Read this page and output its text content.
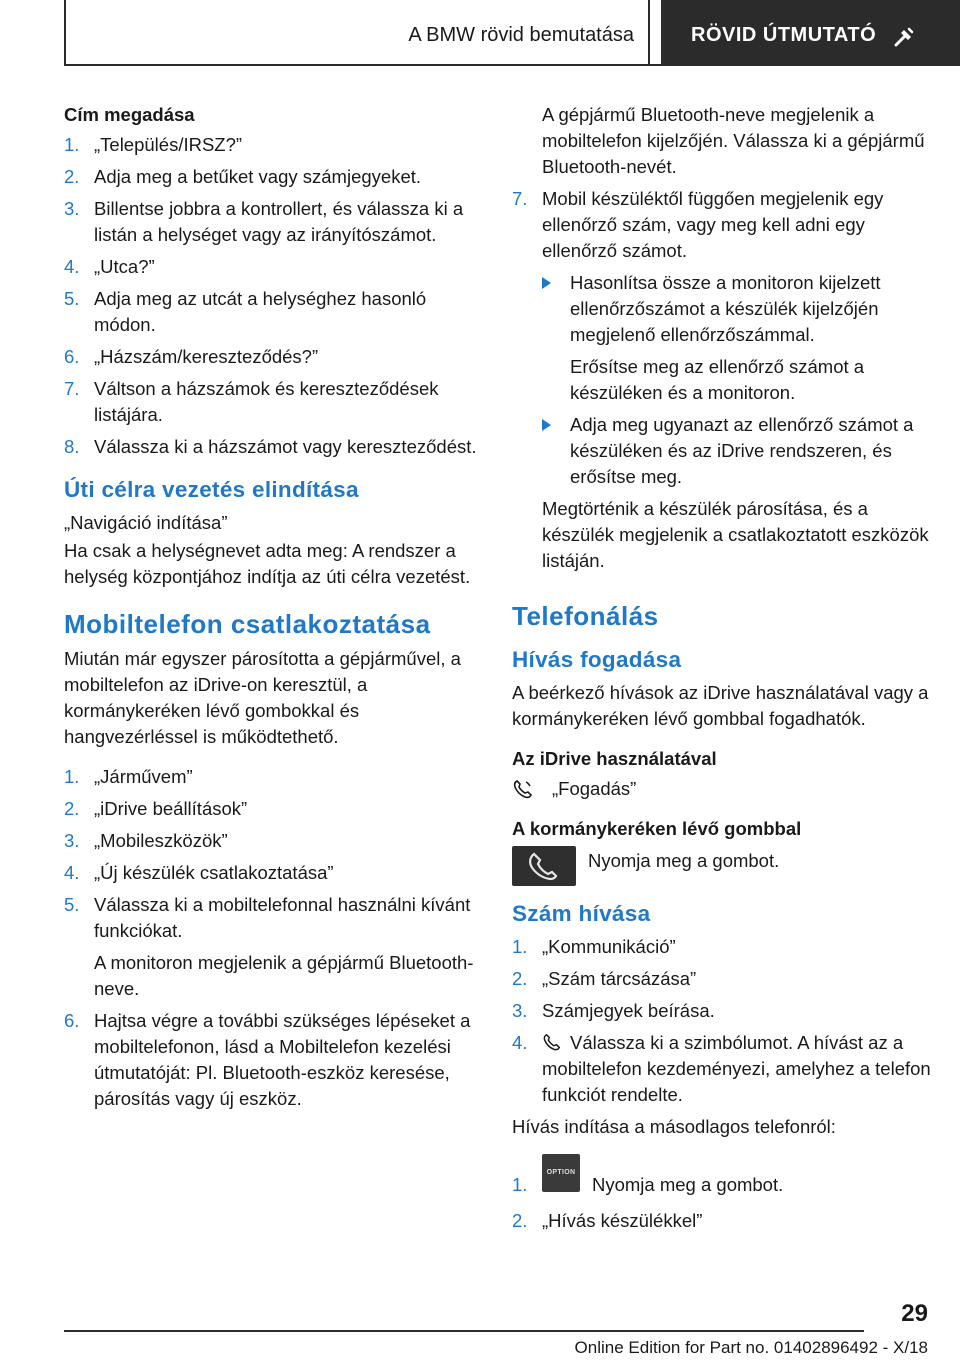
A BMW rövid bemutatása	RÖVID ÚTMUTATÓ
Cím megadása
1. „Település/IRSZ?”
2. Adja meg a betűket vagy számjegyeket.
3. Billentse jobbra a kontrollert, és válassza ki a listán a helységet vagy az irányítószámot.
4. „Utca?”
5. Adja meg az utcát a helységhez hasonló módon.
6. „Házszám/kereszteződés?”
7. Váltson a házszámok és kereszteződések listájára.
8. Válassza ki a házszámot vagy kereszteződést.
Úti célra vezetés elindítása
„Navigáció indítása”
Ha csak a helységnevet adta meg: A rendszer a helység központjához indítja az úti célra vezetést.
Mobiltelefon csatlakoztatása
Miután már egyszer párosította a gépjárművel, a mobiltelefon az iDrive-on keresztül, a kormánykeréken lévő gombokkal és hangvezérléssel is működtethető.
1. „Járművem”
2. „iDrive beállítások”
3. „Mobileszközök”
4. „Új készülék csatlakoztatása”
5. Válassza ki a mobiltelefonnal használni kívánt funkciókat.
A monitoron megjelenik a gépjármű Bluetooth-neve.
6. Hajtsa végre a további szükséges lépéseket a mobiltelefonon, lásd a Mobiltelefon kezelési útmutatóját: Pl. Bluetooth-eszköz keresése, párosítás vagy új eszköz.
A gépjármű Bluetooth-neve megjelenik a mobiltelefon kijelzőjén. Válassza ki a gépjármű Bluetooth-nevét.
7. Mobil készüléktől függően megjelenik egy ellenőrző szám, vagy meg kell adni egy ellenőrző számot.
Hasonlítsa össze a monitoron kijelzett ellenőrzőszámot a készülék kijelzőjén megjelenő ellenőrzőszámmal.
Erősítse meg az ellenőrző számot a készüléken és a monitoron.
Adja meg ugyanazt az ellenőrző számot a készüléken és az iDrive rendszeren, és erősítse meg.
Megtörténik a készülék párosítása, és a készülék megjelenik a csatlakoztatott eszközök listáján.
Telefonálás
Hívás fogadása
A beérkező hívások az iDrive használatával vagy a kormánykeréken lévő gombbal fogadhatók.
Az iDrive használatával
„Fogadás”
A kormánykeréken lévő gombbal
Nyomja meg a gombot.
Szám hívása
1. „Kommunikáció”
2. „Szám tárcsázása”
3. Számjegyek beírása.
4. Válassza ki a szimbólumot. A hívást az a mobiltelefon kezdeményezi, amelyhez a telefon funkciót rendelte.
Hívás indítása a másodlagos telefonról:
1.
OPTION
Nyomja meg a gombot.
2. „Hívás készülékkel”
29
Online Edition for Part no. 01402896492 - X/18
